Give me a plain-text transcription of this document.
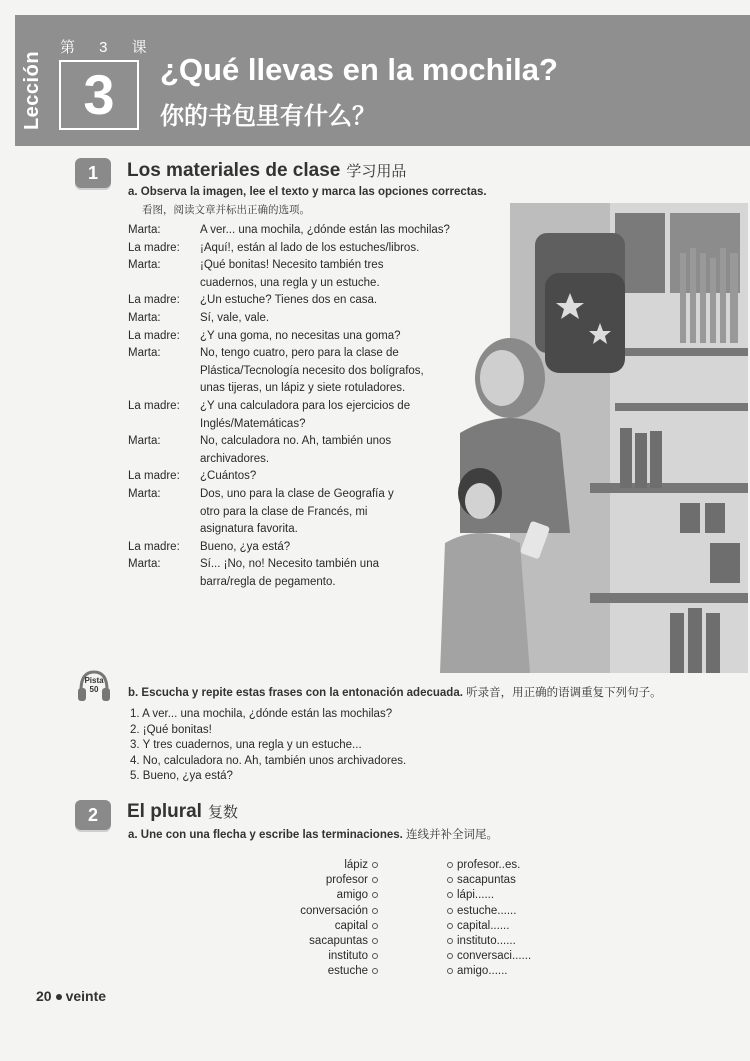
Lección
第 3 课
3	¿Qué llevas en la mochila?
你的书包里有什么？
1	Los materiales de clase 学习用品
a. Observa la imagen, lee el texto y marca las opciones correctas.
看图，阅读文章并标出正确的选项。
Marta:	A ver... una mochila, ¿dónde están las mochilas?
La madre:	¡Aquí!, están al lado de los estuches/libros.
Marta:	¡Qué bonitas! Necesito también tres
cuadernos, una regla y un estuche.
La madre:	¿Un estuche? Tienes dos en casa.
Marta:	Sí, vale, vale.
La madre:	¿Y una goma, no necesitas una goma?
Marta:	No, tengo cuatro, pero para la clase de
Plástica/Tecnología necesito dos bolígrafos,
unas tijeras, un lápiz y siete rotuladores.
La madre:	¿Y una calculadora para los ejercicios de
Inglés/Matemáticas?
Marta:	No, calculadora no. Ah, también unos
archivadores.
La madre:	¿Cuántos?
Marta:	Dos, uno para la clase de Geografía y
otro para la clase de Francés, mi
asignatura favorita.
La madre:	Bueno, ¿ya está?
Marta:	Sí... ¡No, no! Necesito también una
barra/regla de pegamento.
Pista
50	b. Escucha y repite estas frases con la entonación adecuada. 听录音，用正确的语调重复下列句子。
1. A ver... una mochila, ¿dónde están las mochilas?
2. ¡Qué bonitas!
3. Y tres cuadernos, una regla y un estuche...
4. No, calculadora no. Ah, también unos archivadores.
5. Bueno, ¿ya está?
2	El plural 复数
a. Une con una flecha y escribe las terminaciones. 连线并补全词尾。
lápiz
profesor
amigo
conversación
capital
sacapuntas
instituto
estuche
profesor..es.
sacapuntas
lápi......
estuche......
capital......
instituto......
conversaci......
amigo......
20 veinte
